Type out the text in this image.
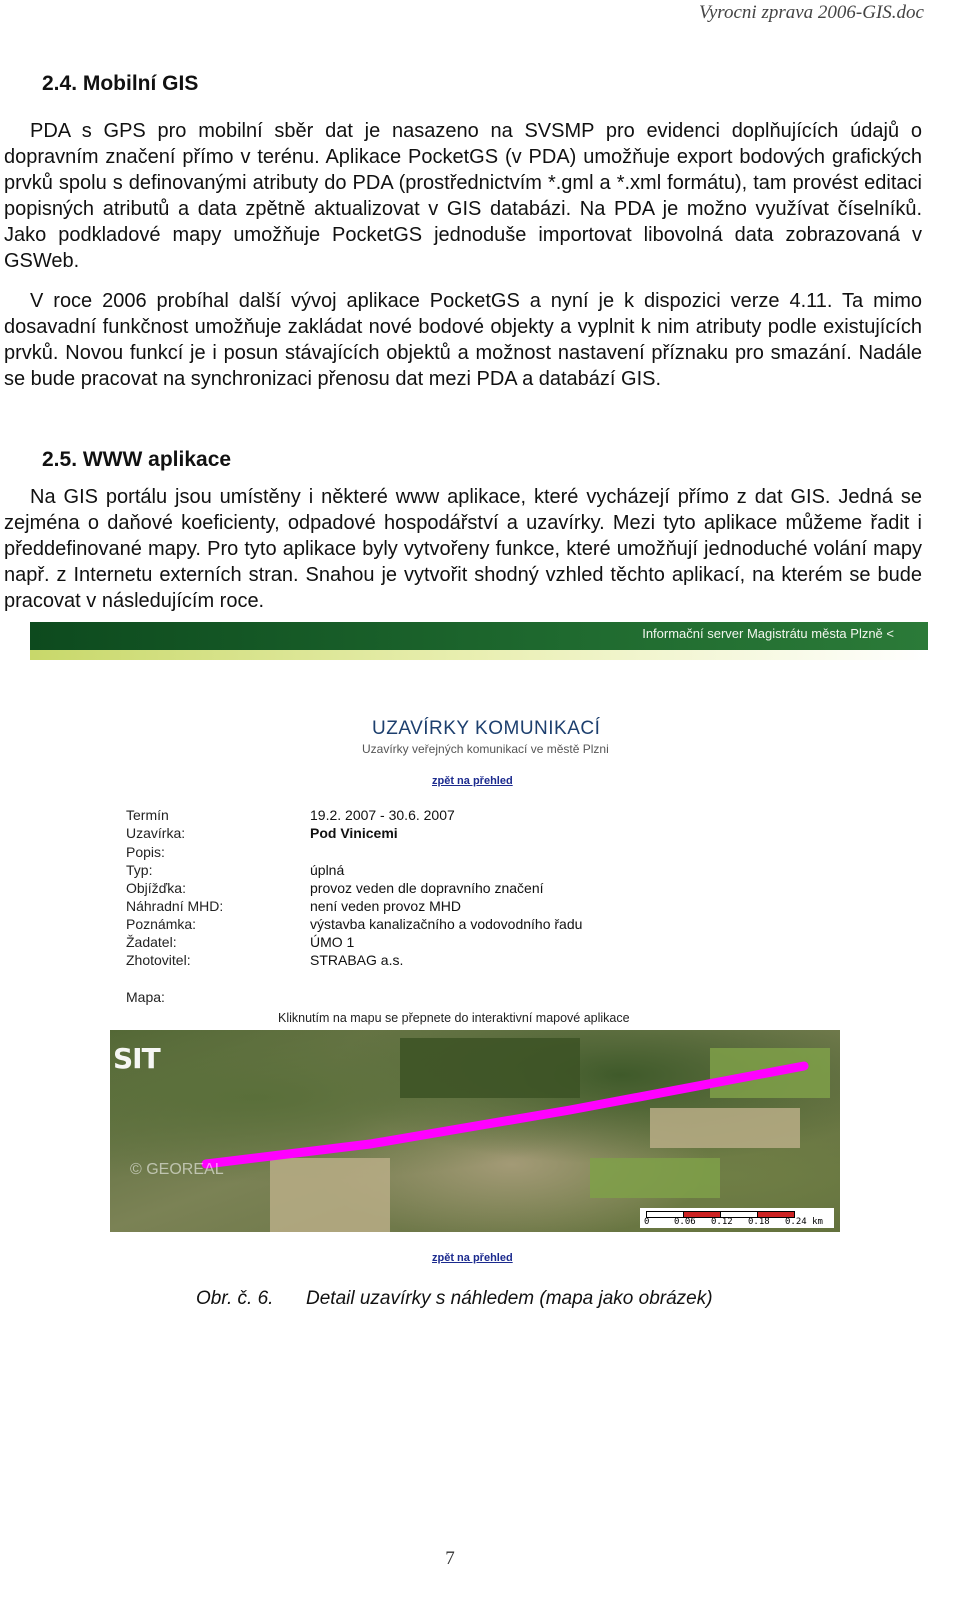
Vyrocni zprava 2006-GIS.doc
2.4. Mobilní GIS
PDA s GPS pro mobilní sběr dat je nasazeno na SVSMP pro evidenci doplňujících údajů o dopravním značení přímo v terénu. Aplikace PocketGS (v PDA) umožňuje export bodových grafických prvků spolu s definovanými atributy do PDA (prostřednictvím *.gml a *.xml formátu), tam provést editaci popisných atributů a data zpětně aktualizovat v GIS databázi. Na PDA je možno využívat číselníků. Jako podkladové mapy umožňuje PocketGS jednoduše importovat libovolná data zobrazovaná v GSWeb.
V roce 2006 probíhal další vývoj aplikace PocketGS a nyní je k dispozici verze 4.11. Ta mimo dosavadní funkčnost umožňuje zakládat nové bodové objekty a vyplnit k nim atributy podle existujících prvků. Novou funkcí je i posun stávajících objektů a možnost nastavení příznaku pro smazání. Nadále se bude pracovat na synchronizaci přenosu dat mezi PDA a databází GIS.
2.5. WWW aplikace
Na GIS portálu jsou umístěny i některé www aplikace, které vycházejí přímo z dat GIS. Jedná se zejména o daňové koeficienty, odpadové hospodářství a uzavírky. Mezi tyto aplikace můžeme řadit i předdefinované mapy. Pro tyto aplikace byly vytvořeny funkce, které umožňují jednoduché volání mapy např. z Internetu externích stran. Snahou je vytvořit shodný vzhled těchto aplikací, na kterém se bude pracovat v následujícím roce.
Informační server Magistrátu města Plzně <
UZAVÍRKY KOMUNIKACÍ
Uzavírky veřejných komunikací ve městě Plzni
zpět na přehled
Termín	19.2. 2007 - 30.6. 2007
Uzavírka:	Pod Vinicemi
Popis:
Typ:	úplná
Objížďka:	provoz veden dle dopravního značení
Náhradní MHD:	není veden provoz MHD
Poznámka:	výstavba kanalizačního a vodovodního řadu
Žadatel:	ÚMO 1
Zhotovitel:	STRABAG a.s.
Mapa:
Kliknutím na mapu se přepnete do interaktivní mapové aplikace
SIT
© GEOREAL
0	0.06 0.12 0.18 0.24 km
zpět na přehled
Obr. č. 6. Detail uzavírky s náhledem (mapa jako obrázek)
7
